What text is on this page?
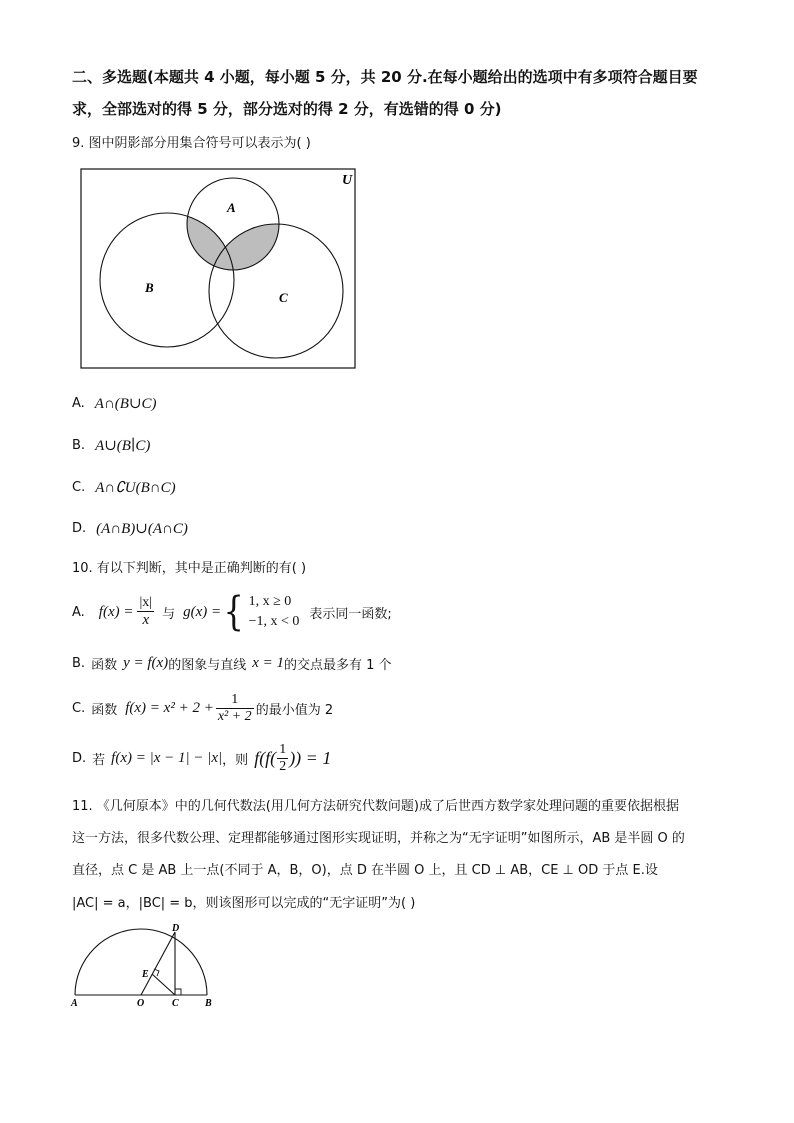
二、多选题(本题共 4 小题，每小题 5 分，共 20 分.在每小题给出的选项中有多项符合题目要
求，全部选对的得 5 分，部分选对的得 2 分，有选错的得 0 分)
9. 图中阴影部分用集合符号可以表示为( )
U
A
B
C
A. A∩(B∪C)
B. A∪(B∣C)
C. A∩∁U(B∩C)
D. (A∩B)∪(A∩C)
10. 有以下判断，其中是正确判断的有( )
A. $f(x) = \frac{|x|}{x}$ 与 g(x) = { 1, x ≥ 0
−1, x < 0 表示同一函数;
B. 函数 y = f(x) 的图象与直线 x = 1 的交点最多有 1 个
C. 函数 $f(x) = x^2 + 2 + \frac{1}{\text{x² + 2}}$ 的最小值为 2
D. 若 f(x) = |x − 1| − |x| ，则 $f(f( \frac{1}{2}$ )) = 1
11. 《几何原本》中的几何代数法(用几何方法研究代数问题)成了后世西方数学家处理问题的重要依据根据
这一方法，很多代数公理、定理都能够通过图形实现证明，并称之为“无字证明”如图所示，AB 是半圆 O 的
直径，点 C 是 AB 上一点(不同于 A，B，O)，点 D 在半圆 O 上，且 CD ⊥ AB，CE ⊥ OD 于点 E.设
|AC| = a，|BC| = b，则该图形可以完成的“无字证明”为( )
D
E
A	O	C	B
